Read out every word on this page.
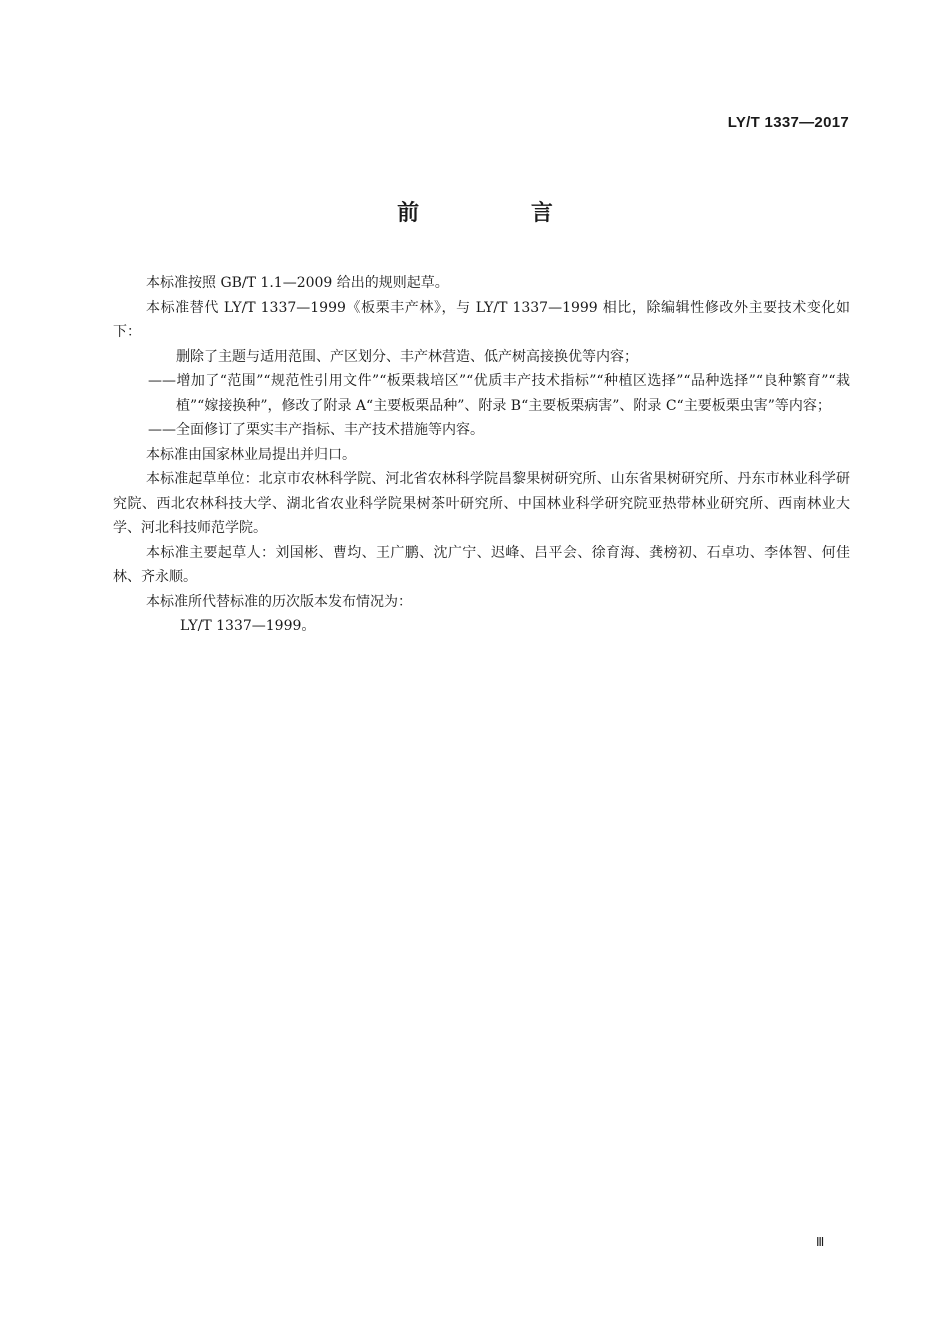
LY/T 1337—2017
前 言

本标准按照 GB/T 1.1—2009 给出的规则起草。

本标准替代 LY/T 1337—1999《板栗丰产林》，与 LY/T 1337—1999 相比，除编辑性修改外主要技术变化如下：

删除了主题与适用范围、产区划分、丰产林营造、低产树高接换优等内容；
——增加了“范围”“规范性引用文件”“板栗栽培区”“优质丰产技术指标”“种植区选择”“品种选择”“良种繁育”“栽植”“嫁接换种”，修改了附录 A“主要板栗品种”、附录 B“主要板栗病害”、附录 C“主要板栗虫害”等内容；
——全面修订了栗实丰产指标、丰产技术措施等内容。

本标准由国家林业局提出并归口。

本标准起草单位：北京市农林科学院、河北省农林科学院昌黎果树研究所、山东省果树研究所、丹东市林业科学研究院、西北农林科技大学、湖北省农业科学院果树茶叶研究所、中国林业科学研究院亚热带林业研究所、西南林业大学、河北科技师范学院。

本标准主要起草人：刘国彬、曹均、王广鹏、沈广宁、迟峰、吕平会、徐育海、龚榜初、石卓功、李体智、何佳林、齐永顺。

本标准所代替标准的历次版本发布情况为：

LY/T 1337—1999。
Ⅲ
